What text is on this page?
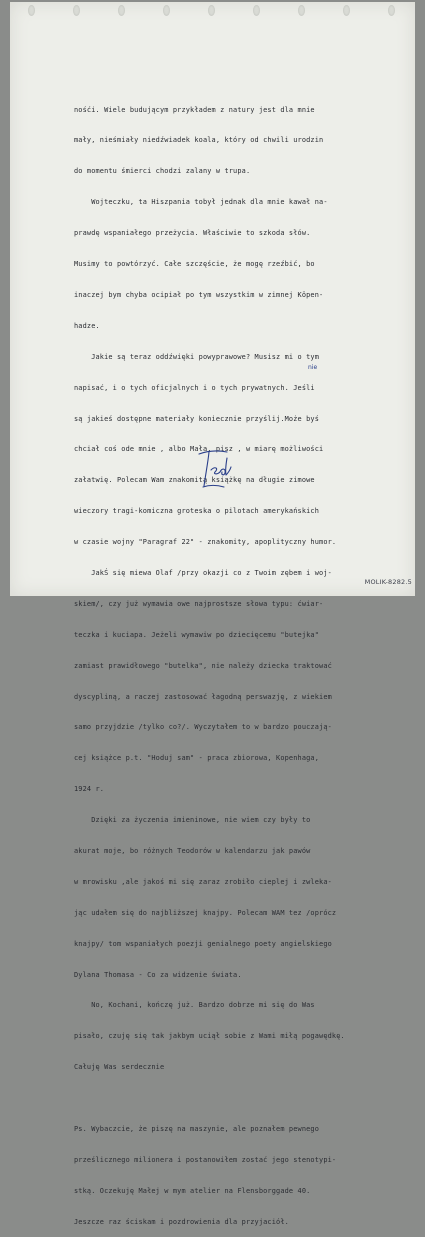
nośći. Wiele budującym przykładem z natury jest dla mnie

mały, nieśmiały niedźwiadek koala, który od chwili urodzin

do momentu śmierci chodzi zalany w trupa.

Wojteczku, ta Hiszpania tobył jednak dla mnie kawał na-

prawdę wspaniałego przeżycia. Właściwie to szkoda słów.

Musimy to powtórzyć. Całe szczęście, że mogę rzeźbić, bo

inaczej bym chyba ocipiał po tym wszystkim w zimnej Köpen-

hadze.

Jakie są teraz oddźwięki powyprawowe? Musisz mi o tym

napisać, i o tych oficjalnych i o tych prywatnych. Jeśli

są jakieś dostępne materiały koniecznie przyślij.Może byś

chciał coś ode mnie , albo Mała, pisz , w miarę możliwości

załatwię. Polecam Wam znakomitą książkę na długie zimowe

wieczory tragi-komiczna groteska o pilotach amerykańskich

w czasie wojny "Paragraf 22" - znakomity, apoplityczny humor.

JakŚ się miewa Olaf /przy okazji co z Twoim zębem i woj-

skiem/, czy już wymawia owe najprostsze słowa typu: ćwiar-

teczka i kuciapa. Jeżeli wymawiw po dziecięcemu "butejka"

zamiast prawidłowego "butelka", nie należy dziecka traktować

dyscypliną, a raczej zastosować łagodną perswazję, z wiekiem

samo przyjdzie /tylko co?/. Wyczytałem to w bardzo pouczają-

cej książce p.t. "Hoduj sam" - praca zbiorowa, Kopenhaga,

1924 r.

Dzięki za życzenia imieninowe, nie wiem czy były to

akurat moje, bo różnych Teodorów w kalendarzu jak pawów

w mrowisku ,ale jakoś mi się zaraz zrobiło cieplej i zwleka-

jąc udałem się do najbliższej knajpy. Polecam WAM tez /oprócz

knajpy/ tom wspaniałych poezji genialnego poety angielskiego

Dylana Thomasa - Co za widzenie świata.

No, Kochani, kończę już. Bardzo dobrze mi się do Was

pisało, czuję się tak jakbym uciął sobie z Wami miłą pogawędkę.

Całuję Was serdecznie

Ps. Wybaczcie, że piszę na maszynie, ale poznałem pewnego

prześlicznego milionera i postanowiłem zostać jego stenotypi-

stką. Oczekuję Małej w mym atelier na Flensborggade 40.

Jeszcze raz ściskam i pozdrowienia dla przyjaciół.

nie
MOLIK-8282.5
